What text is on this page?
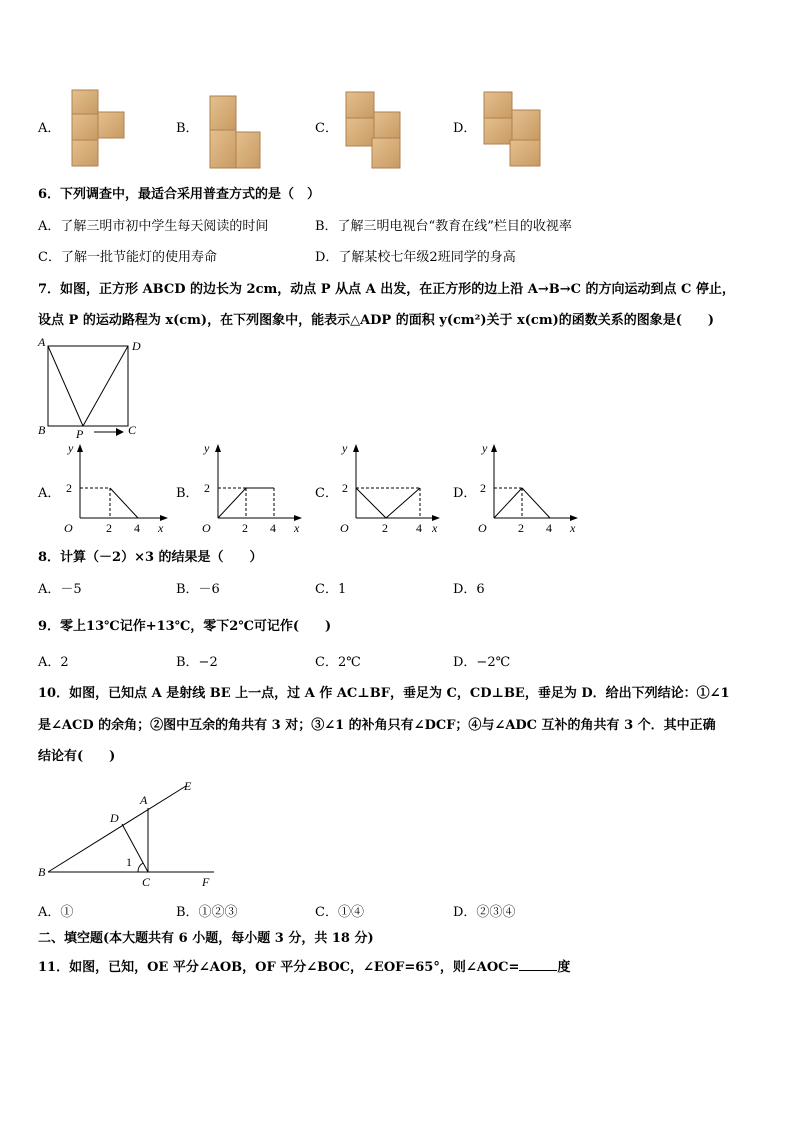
A．	B．	C．	D．
6．下列调查中，最适合采用普查方式的是（　）
A．了解三明市初中学生每天阅读的时间	B．了解三明电视台“教育在线”栏目的收视率
C．了解一批节能灯的使用寿命	D．了解某校七年级2班同学的身高
7．如图，正方形 ABCD 的边长为 2cm，动点 P 从点 A 出发，在正方形的边上沿 A→B→C 的方向运动到点 C 停止，
设点 P 的运动路程为 x(cm)，在下列图象中，能表示△ADP 的面积 y(cm²)关于 x(cm)的函数关系的图象是(　　)
A	D
B	C
P
A．	B．	C．	D．
y
O
2
2 4 x
y
O
2
2 4 x
y
O
2
2 4 x
y
O
2
2 4 x
8．计算（－2）×3 的结果是（　　）
A．－5	B．－6	C．1	D．6
9．零上13℃记作+13℃，零下2℃可记作(　　)
A．2	B．−2	C．2℃	D．−2℃
10．如图，已知点 A 是射线 BE 上一点，过 A 作 AC⊥BF，垂足为 C，CD⊥BE，垂足为 D．给出下列结论：①∠1
是∠ACD 的余角；②图中互余的角共有 3 对；③∠1 的补角只有∠DCF；④与∠ADC 互补的角共有 3 个．其中正确
结论有(　　)
B
C
A
D
E
F
1
A．①	B．①②③	C．①④	D．②③④
二、填空题(本大题共有 6 小题，每小题 3 分，共 18 分)
11．如图，已知，OE 平分∠AOB，OF 平分∠BOC，∠EOF=65°，则∠AOC=	度
